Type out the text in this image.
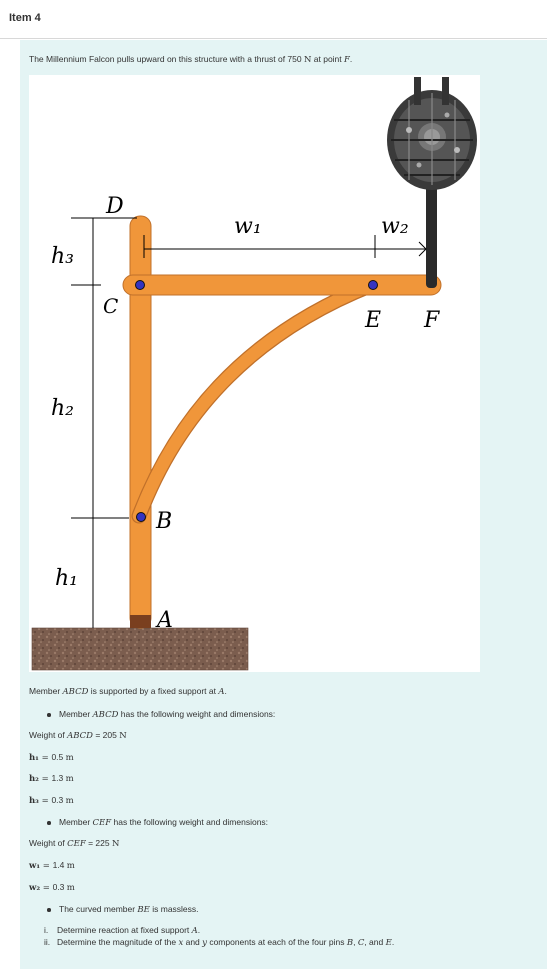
Item 4
The Millennium Falcon pulls upward on this structure with a thrust of 750 N at point F.
D
C
B
A
E F
h₃
h₂
h₁
w₁	w₂
Member ABCD is supported by a fixed support at A.
Member ABCD has the following weight and dimensions:
Weight of ABCD = 205 N
h₁ = 0.5 m
h₂ = 1.3 m
h₃ = 0.3 m
Member CEF has the following weight and dimensions:
Weight of CEF = 225 N
w₁ = 1.4 m
w₂ = 0.3 m
The curved member BE is massless.
i. Determine reaction at fixed support A.
ii. Determine the magnitude of the x and y components at each of the four pins B, C, and E.
